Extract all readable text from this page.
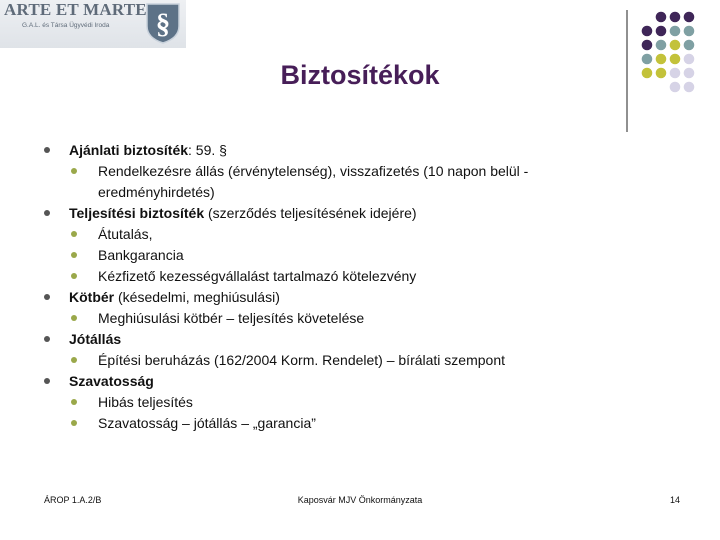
ARTE ET MARTE
G.A.L. és Társa Ügyvédi Iroda §
Biztosítékok
Ajánlati biztosíték: 59. §
Rendelkezésre állás (érvénytelenség), visszafizetés (10 napon belül - eredményhirdetés)
Teljesítési biztosíték (szerződés teljesítésének idejére)
Átutalás,
Bankgarancia
Kézfizető kezességvállalást tartalmazó kötelezvény
Kötbér (késedelmi, meghiúsulási)
Meghiúsulási kötbér – teljesítés követelése
Jótállás
Építési beruházás (162/2004 Korm. Rendelet) – bírálati szempont
Szavatosság
Hibás teljesítés
Szavatosság – jótállás – „garancia”
ÁROP 1.A.2/B	Kaposvár MJV Önkormányzata	14
